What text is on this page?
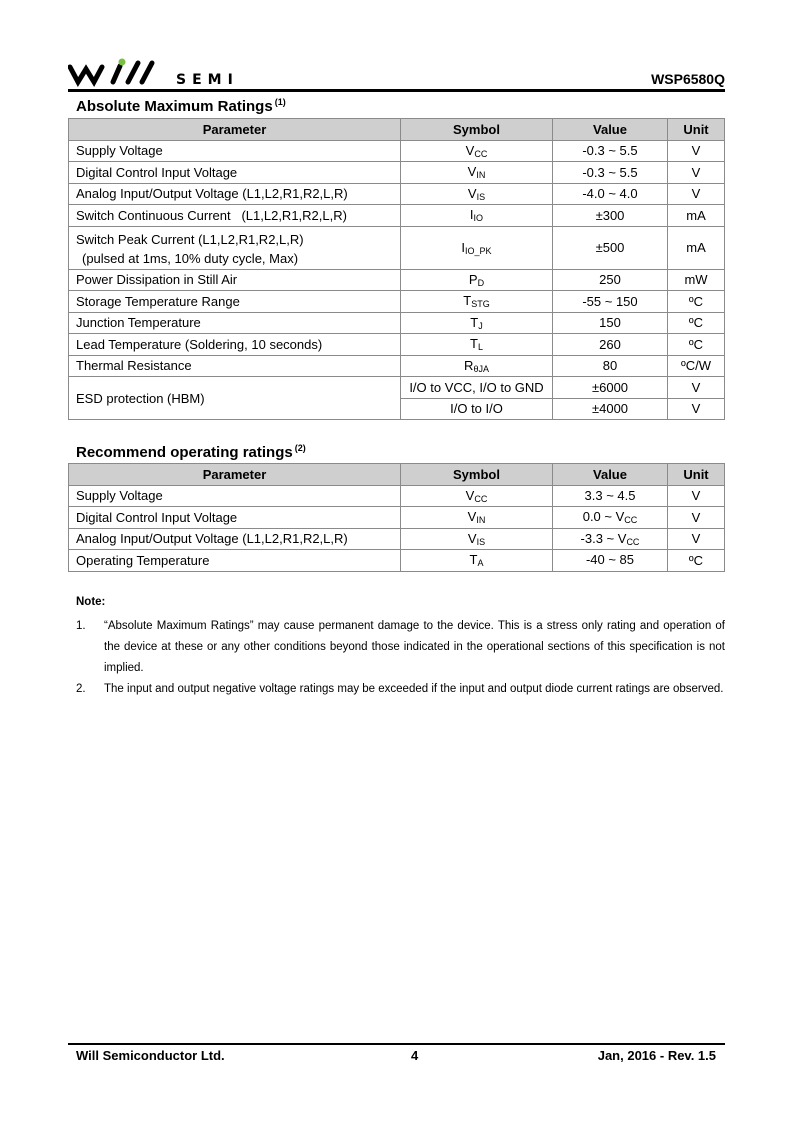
SEMI	WSP6580Q
Absolute Maximum Ratings $^{(1)}$
Parameter	Symbol	Value	Unit
Supply Voltage	$V_{CC}$	-0.3 ~ 5.5	V
Digital Control Input Voltage	$V_{IN}$	-0.3 ~ 5.5	V
Analog Input/Output Voltage (L1,L2,R1,R2,L,R)	$V_{IS}$	-4.0 ~ 4.0	V
Switch Continuous Current   (L1,L2,R1,R2,L,R)	$I_{IO}$	±300	mA
Switch Peak Current (L1,L2,R1,R2,L,R)
(pulsed at 1ms, 10% duty cycle, Max)	$I_{IO\_PK}$	±500	mA
Power Dissipation in Still Air	$P_D$	250	mW
Storage Temperature Range	$T_{STG}$	-55 ~ 150	ºC
Junction Temperature	$T_J$	150	ºC
Lead Temperature (Soldering, 10 seconds)	$T_L$	260	ºC
Thermal Resistance	$R_{\theta JA}$	80	ºC/W
ESD protection (HBM)	I/O to VCC, I/O to GND	±6000	V
	I/O to I/O	±4000	V
Recommend operating ratings $^{(2)}$
Parameter	Symbol	Value	Unit
Supply Voltage	$V_{CC}$	3.3 ~ 4.5	V
Digital Control Input Voltage	$V_{IN}$	0.0 ~ $V_{CC}$	V
Analog Input/Output Voltage (L1,L2,R1,R2,L,R)	$V_{IS}$	-3.3 ~ $V_{CC}$	V
Operating Temperature	$T_A$	-40 ~ 85	ºC
Note:
1. “Absolute Maximum Ratings” may cause permanent damage to the device. This is a stress only rating and operation of the device at these or any other conditions beyond those indicated in the operational sections of this specification is not implied.
2. The input and output negative voltage ratings may be exceeded if the input and output diode current ratings are observed.
Will Semiconductor Ltd.	4	Jan, 2016 - Rev. 1.5
